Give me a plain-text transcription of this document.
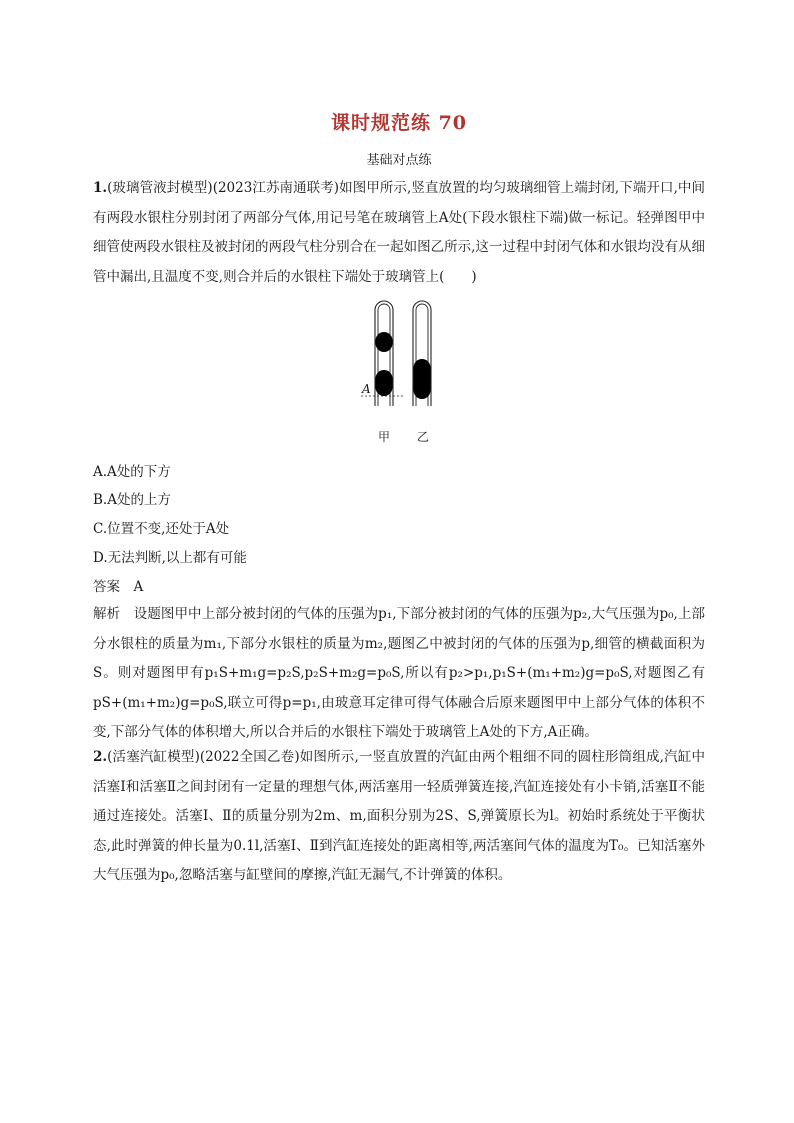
课时规范练 70
基础对点练
1.(玻璃管液封模型)(2023江苏南通联考)如图甲所示,竖直放置的均匀玻璃细管上端封闭,下端开口,中间有两段水银柱分别封闭了两部分气体,用记号笔在玻璃管上A处(下段水银柱下端)做一标记。轻弹图甲中细管使两段水银柱及被封闭的两段气柱分别合在一起如图乙所示,这一过程中封闭气体和水银均没有从细管中漏出,且温度不变,则合并后的水银柱下端处于玻璃管上(　　)
A
甲 乙
A.A处的下方
B.A处的上方
C.位置不变,还处于A处
D.无法判断,以上都有可能
答案　A
解析　设题图甲中上部分被封闭的气体的压强为p₁,下部分被封闭的气体的压强为p₂,大气压强为p₀,上部分水银柱的质量为m₁,下部分水银柱的质量为m₂,题图乙中被封闭的气体的压强为p,细管的横截面积为S。则对题图甲有p₁S+m₁g=p₂S,p₂S+m₂g=p₀S,所以有p₂>p₁,p₁S+(m₁+m₂)g=p₀S,对题图乙有pS+(m₁+m₂)g=p₀S,联立可得p=p₁,由玻意耳定律可得气体融合后原来题图甲中上部分气体的体积不变,下部分气体的体积增大,所以合并后的水银柱下端处于玻璃管上A处的下方,A正确。
2.(活塞汽缸模型)(2022全国乙卷)如图所示,一竖直放置的汽缸由两个粗细不同的圆柱形筒组成,汽缸中活塞Ⅰ和活塞Ⅱ之间封闭有一定量的理想气体,两活塞用一轻质弹簧连接,汽缸连接处有小卡销,活塞Ⅱ不能通过连接处。活塞Ⅰ、Ⅱ的质量分别为2m、m,面积分别为2S、S,弹簧原长为l。初始时系统处于平衡状态,此时弹簧的伸长量为0.1l,活塞Ⅰ、Ⅱ到汽缸连接处的距离相等,两活塞间气体的温度为T₀。已知活塞外大气压强为p₀,忽略活塞与缸壁间的摩擦,汽缸无漏气,不计弹簧的体积。
